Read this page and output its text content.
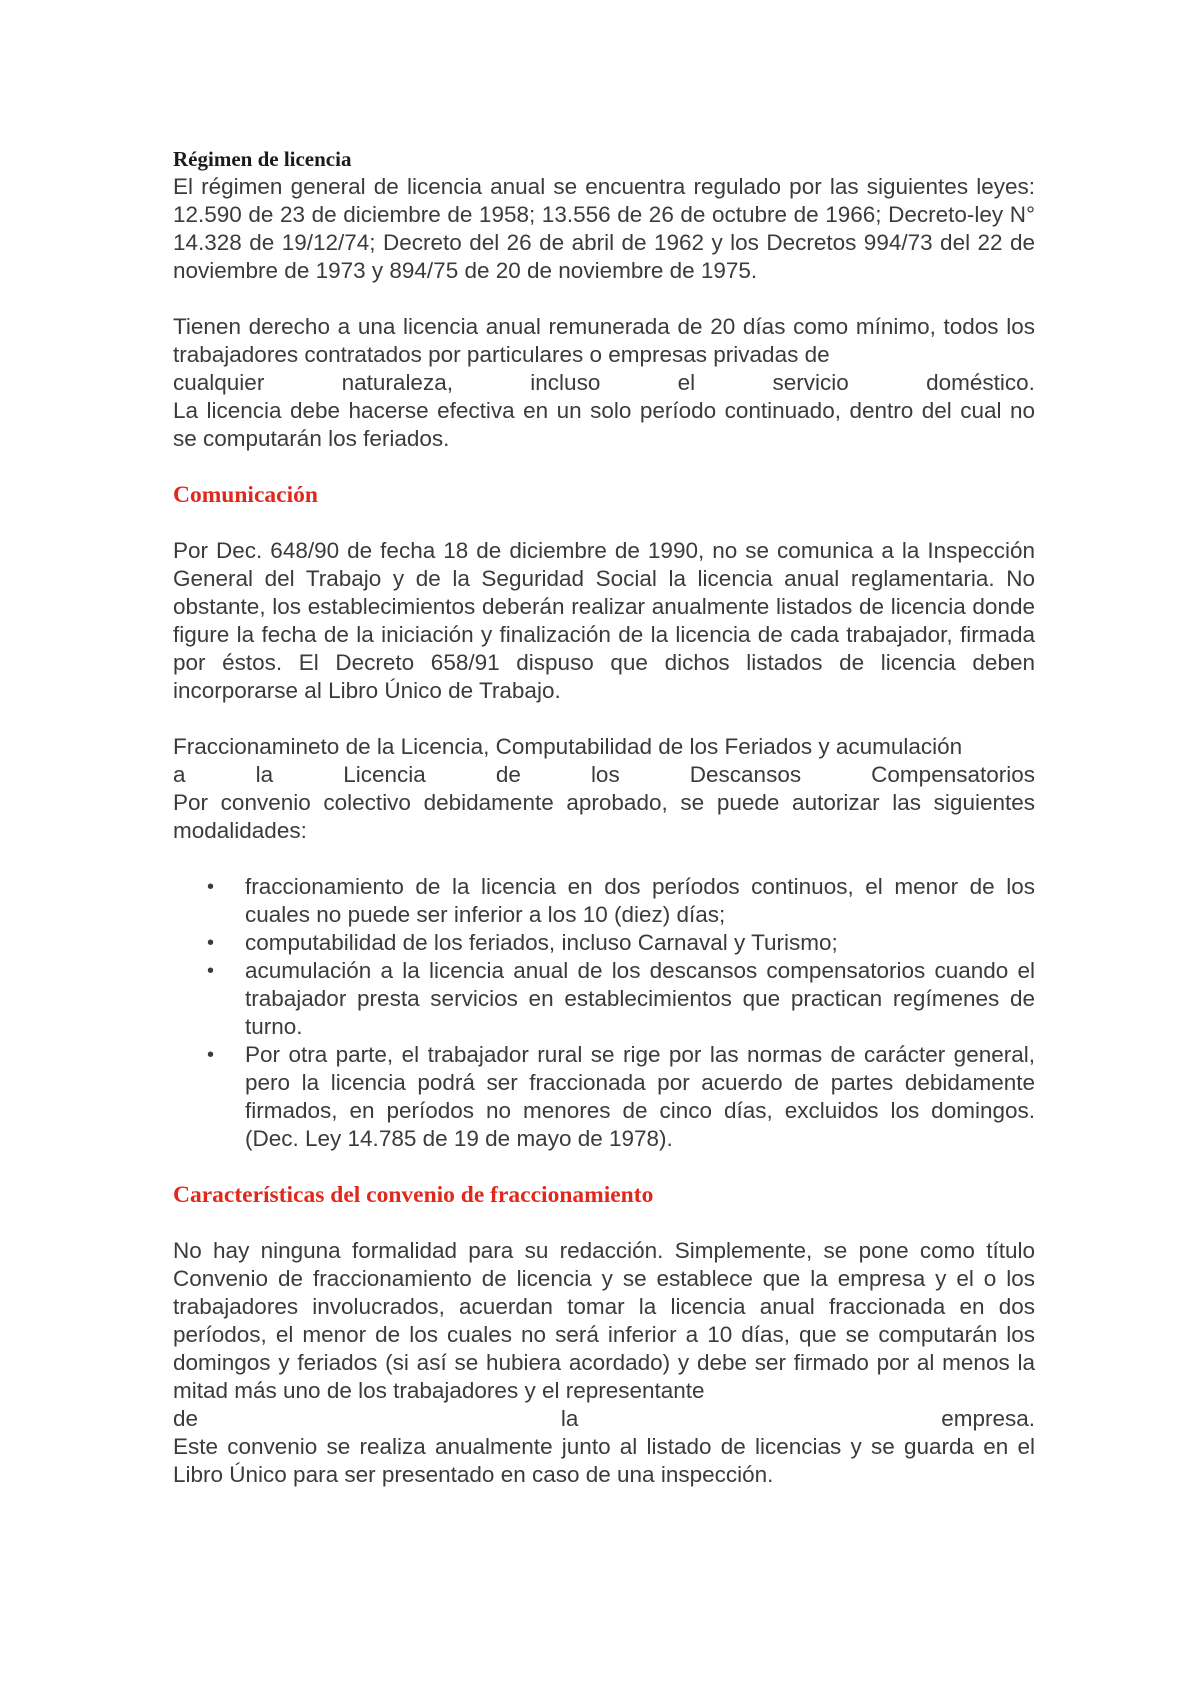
Régimen de licencia

El régimen general de licencia anual se encuentra regulado por las siguientes leyes: 12.590 de 23 de diciembre de 1958; 13.556 de 26 de octubre de 1966; Decreto-ley N° 14.328 de 19/12/74; Decreto del 26 de abril de 1962 y los Decretos 994/73 del 22 de noviembre de 1973 y 894/75 de 20 de noviembre de 1975.

Tienen derecho a una licencia anual remunerada de 20 días como mínimo, todos los trabajadores contratados por particulares o empresas privadas de

cualquier	naturaleza,	incluso	el	servicio	doméstico.

La licencia debe hacerse efectiva en un solo período continuado, dentro del cual no se computarán los feriados.

Comunicación

Por Dec. 648/90 de fecha 18 de diciembre de 1990, no se comunica a la Inspección General del Trabajo y de la Seguridad Social la licencia anual reglamentaria. No obstante, los establecimientos deberán realizar anualmente listados de licencia donde figure la fecha de la iniciación y finalización de la licencia de cada trabajador, firmada por éstos. El Decreto 658/91 dispuso que dichos listados de licencia deben incorporarse al Libro Único de Trabajo.

Fraccionamineto de la Licencia, Computabilidad de los Feriados y acumulación

a	la	Licencia	de	los	Descansos	Compensatorios

Por convenio colectivo debidamente aprobado, se puede autorizar las siguientes modalidades:

• fraccionamiento de la licencia en dos períodos continuos, el menor de los cuales no puede ser inferior a los 10 (diez) días;
• computabilidad de los feriados, incluso Carnaval y Turismo;
• acumulación a la licencia anual de los descansos compensatorios cuando el trabajador presta servicios en establecimientos que practican regímenes de turno.
• Por otra parte, el trabajador rural se rige por las normas de carácter general, pero la licencia podrá ser fraccionada por acuerdo de partes debidamente firmados, en períodos no menores de cinco días, excluidos los domingos. (Dec. Ley 14.785 de 19 de mayo de 1978).
Características del convenio de fraccionamiento

No hay ninguna formalidad para su redacción. Simplemente, se pone como título Convenio de fraccionamiento de licencia y se establece que la empresa y el o los trabajadores involucrados, acuerdan tomar la licencia anual fraccionada en dos períodos, el menor de los cuales no será inferior a 10 días, que se computarán los domingos y feriados (si así se hubiera acordado) y debe ser firmado por al menos la mitad más uno de los trabajadores y el representante

de	la	empresa.

Este convenio se realiza anualmente junto al listado de licencias y se guarda en el Libro Único para ser presentado en caso de una inspección.
